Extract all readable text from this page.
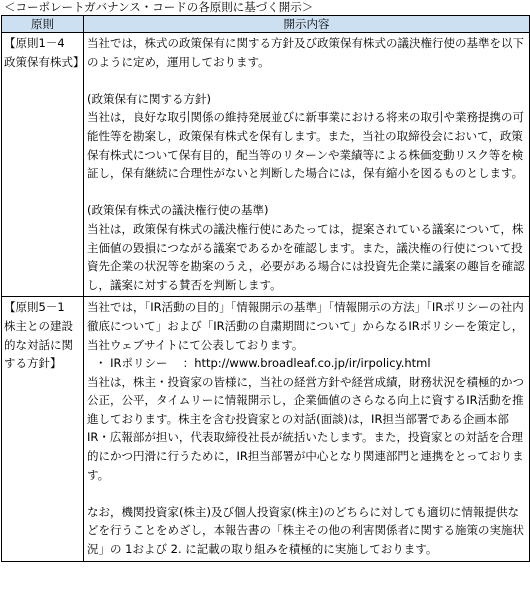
＜コーポレートガバナンス・コードの各原則に基づく開示＞
原則	開示内容
【原則1－4　政策保有株式】	当社では，株式の政策保有に関する方針及び政策保有株式の議決権行使の基準を以下のように定め，運用しております。

(政策保有に関する方針)

当社は，良好な取引関係の維持発展並びに新事業における将来の取引や業務提携の可能性等を勘案し，政策保有株式を保有します。また，当社の取締役会において，政策保有株式について保有目的，配当等のリターンや業績等による株価変動リスク等を検証し，保有継続に合理性がないと判断した場合には，保有縮小を図るものとします。

(政策保有株式の議決権行使の基準)

当社は，政策保有株式の議決権行使にあたっては，提案されている議案について，株主価値の毀損につながる議案であるかを確認します。また，議決権の行使について投資先企業の状況等を勘案のうえ，必要がある場合には投資先企業に議案の趣旨を確認し，議案に対する賛否を判断します。

【原則5－1　株主との建設的な対話に関する方針】	当社では，「IR活動の目的」「情報開示の基準」「情報開示の方法」「IRポリシーの社内徹底について」および「IR活動の自粛期間について」からなるIRポリシーを策定し，当社ウェブサイトにて公表しております。

・ IRポリシー　 ：http://www.broadleaf.co.jp/ir/irpolicy.html

当社は，株主・投資家の皆様に，当社の経営方針や経営成績，財務状況を積極的かつ公正，公平，タイムリーに情報開示し，企業価値のさらなる向上に資するIR活動を推進しております。株主を含む投資家との対話(面談)は，IR担当部署である企画本部 IR・広報部が担い，代表取締役社長が統括いたします。また，投資家との対話を合理的にかつ円滑に行うために，IR担当部署が中心となり関連部門と連携をとっております。

なお，機関投資家(株主)及び個人投資家(株主)のどちらに対しても適切に情報提供などを行うことをめざし，本報告書の「株主その他の利害関係者に関する施策の実施状況」の 1および 2. に記載の取り組みを積極的に実施しております。
